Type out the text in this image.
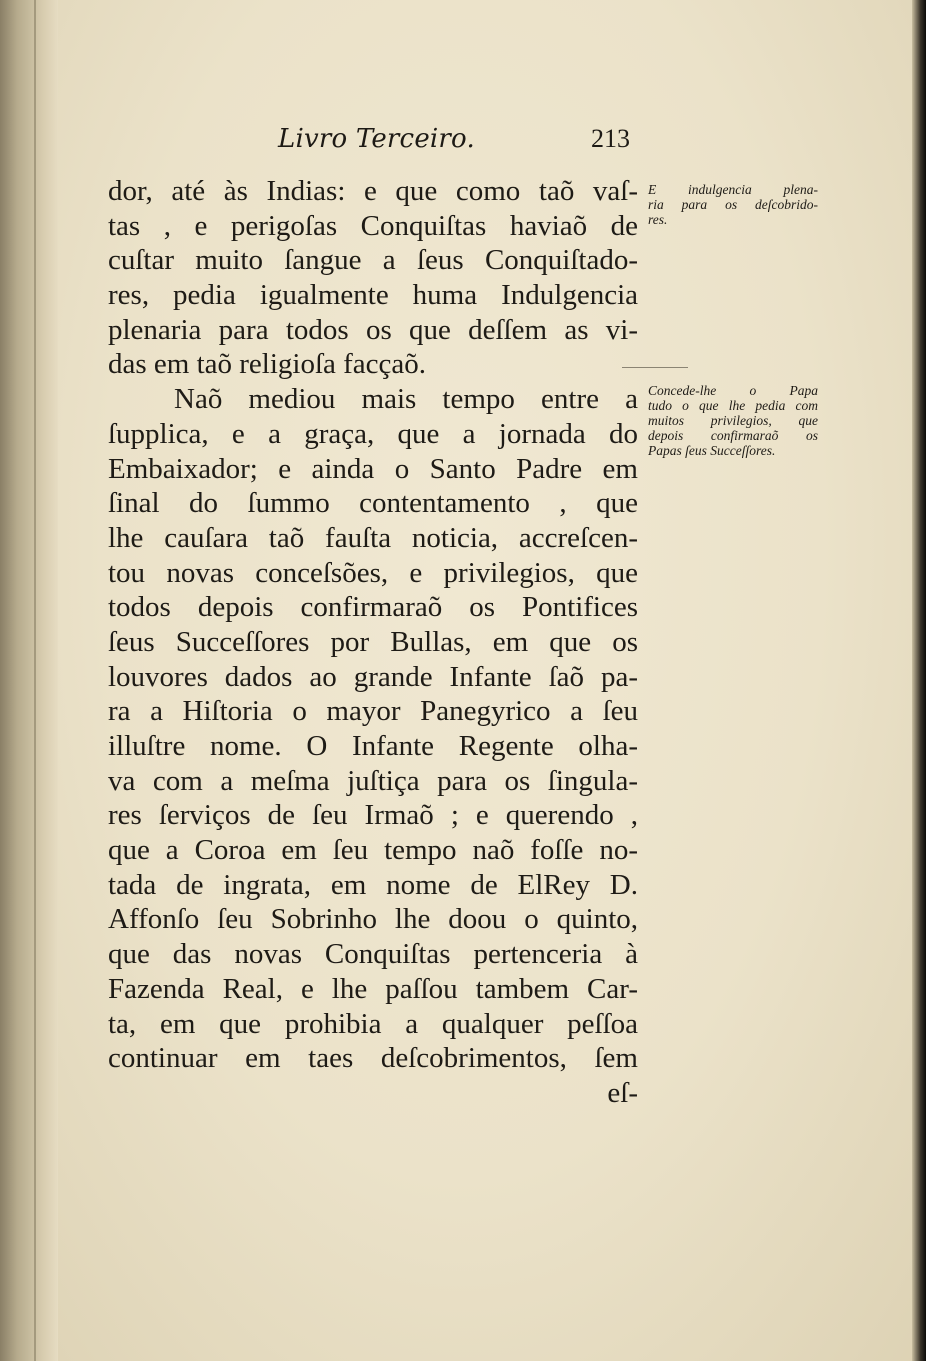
Livro Terceiro.	213
dor, até às Indias: e que como taõ vaſ-
tas , e perigoſas Conquiſtas haviaõ de
cuſtar muito ſangue a ſeus Conquiſtado-
res, pedia igualmente huma Indulgencia
plenaria para todos os que deſſem as vi-
das em taõ religioſa facçaõ.
Naõ mediou mais tempo entre a
ſupplica, e a graça, que a jornada do
Embaixador; e ainda o Santo Padre em
ſinal do ſummo contentamento , que
lhe cauſara taõ fauſta noticia, accreſcen-
tou novas conceſsões, e privilegios, que
todos depois confirmaraõ os Pontifices
ſeus Succeſſores por Bullas, em que os
louvores dados ao grande Infante ſaõ pa-
ra a Hiſtoria o mayor Panegyrico a ſeu
illuſtre nome. O Infante Regente olha-
va com a meſma juſtiça para os ſingula-
res ſerviços de ſeu Irmaõ ; e querendo ,
que a Coroa em ſeu tempo naõ foſſe no-
tada de ingrata, em nome de ElRey D.
Affonſo ſeu Sobrinho lhe doou o quinto,
que das novas Conquiſtas pertenceria à
Fazenda Real, e lhe paſſou tambem Car-
ta, em que prohibia a qualquer peſſoa
continuar em taes deſcobrimentos, ſem
eſ-
E indulgencia plena-
ria para os deſcobrido-
res.
Concede-lhe o Papa
tudo o que lhe pedia com
muitos privilegios, que
depois confirmaraõ os
Papas ſeus Succeſſores.
